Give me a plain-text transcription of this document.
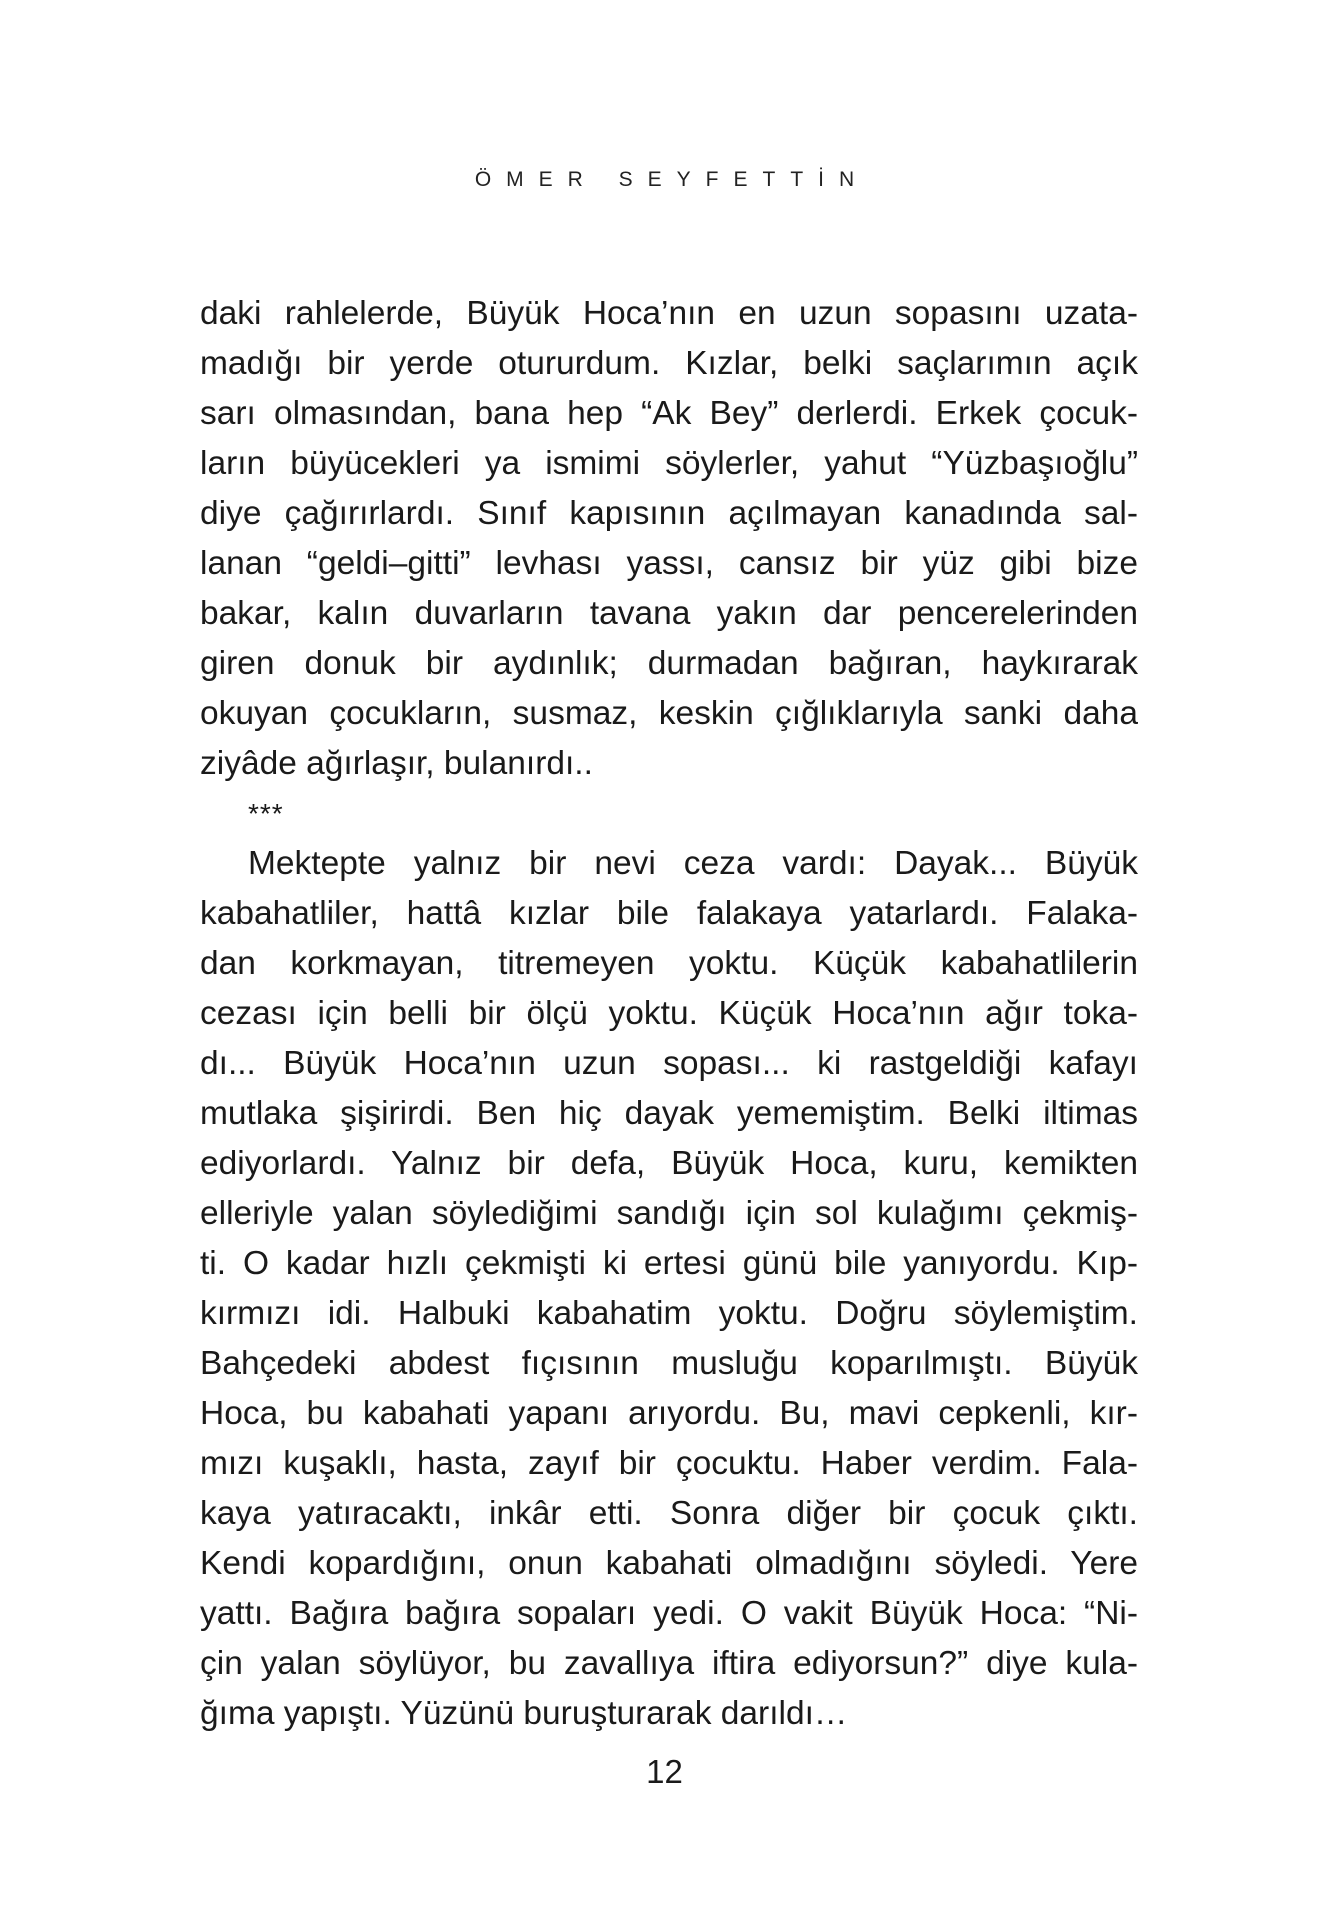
ÖMER SEYFETTİN
daki rahlelerde, Büyük Hoca’nın en uzun sopasını uzata-
madığı bir yerde otururdum. Kızlar, belki saçlarımın açık
sarı olmasından, bana hep “Ak Bey” derlerdi. Erkek çocuk-
ların büyücekleri ya ismimi söylerler, yahut “Yüzbaşıoğlu”
diye çağırırlardı. Sınıf kapısının açılmayan kanadında sal-
lanan “geldi–gitti” levhası yassı, cansız bir yüz gibi bize
bakar, kalın duvarların tavana yakın dar pencerelerinden
giren donuk bir aydınlık; durmadan bağıran, haykırarak
okuyan çocukların, susmaz, keskin çığlıklarıyla sanki daha
ziyâde ağırlaşır, bulanırdı..
***
Mektepte yalnız bir nevi ceza vardı: Dayak... Büyük
kabahatliler, hattâ kızlar bile falakaya yatarlardı. Falaka-
dan korkmayan, titremeyen yoktu. Küçük kabahatlilerin
cezası için belli bir ölçü yoktu. Küçük Hoca’nın ağır toka-
dı... Büyük Hoca’nın uzun sopası... ki rastgeldiği kafayı
mutlaka şişirirdi. Ben hiç dayak yememiştim. Belki iltimas
ediyorlardı. Yalnız bir defa, Büyük Hoca, kuru, kemikten
elleriyle yalan söylediğimi sandığı için sol kulağımı çekmiş-
ti. O kadar hızlı çekmişti ki ertesi günü bile yanıyordu. Kıp-
kırmızı idi. Halbuki kabahatim yoktu. Doğru söylemiştim.
Bahçedeki abdest fıçısının musluğu koparılmıştı. Büyük
Hoca, bu kabahati yapanı arıyordu. Bu, mavi cepkenli, kır-
mızı kuşaklı, hasta, zayıf bir çocuktu. Haber verdim. Fala-
kaya yatıracaktı, inkâr etti. Sonra diğer bir çocuk çıktı.
Kendi kopardığını, onun kabahati olmadığını söyledi. Yere
yattı. Bağıra bağıra sopaları yedi. O vakit Büyük Hoca: “Ni-
çin yalan söylüyor, bu zavallıya iftira ediyorsun?” diye kula-
ğıma yapıştı. Yüzünü buruşturarak darıldı…
12
